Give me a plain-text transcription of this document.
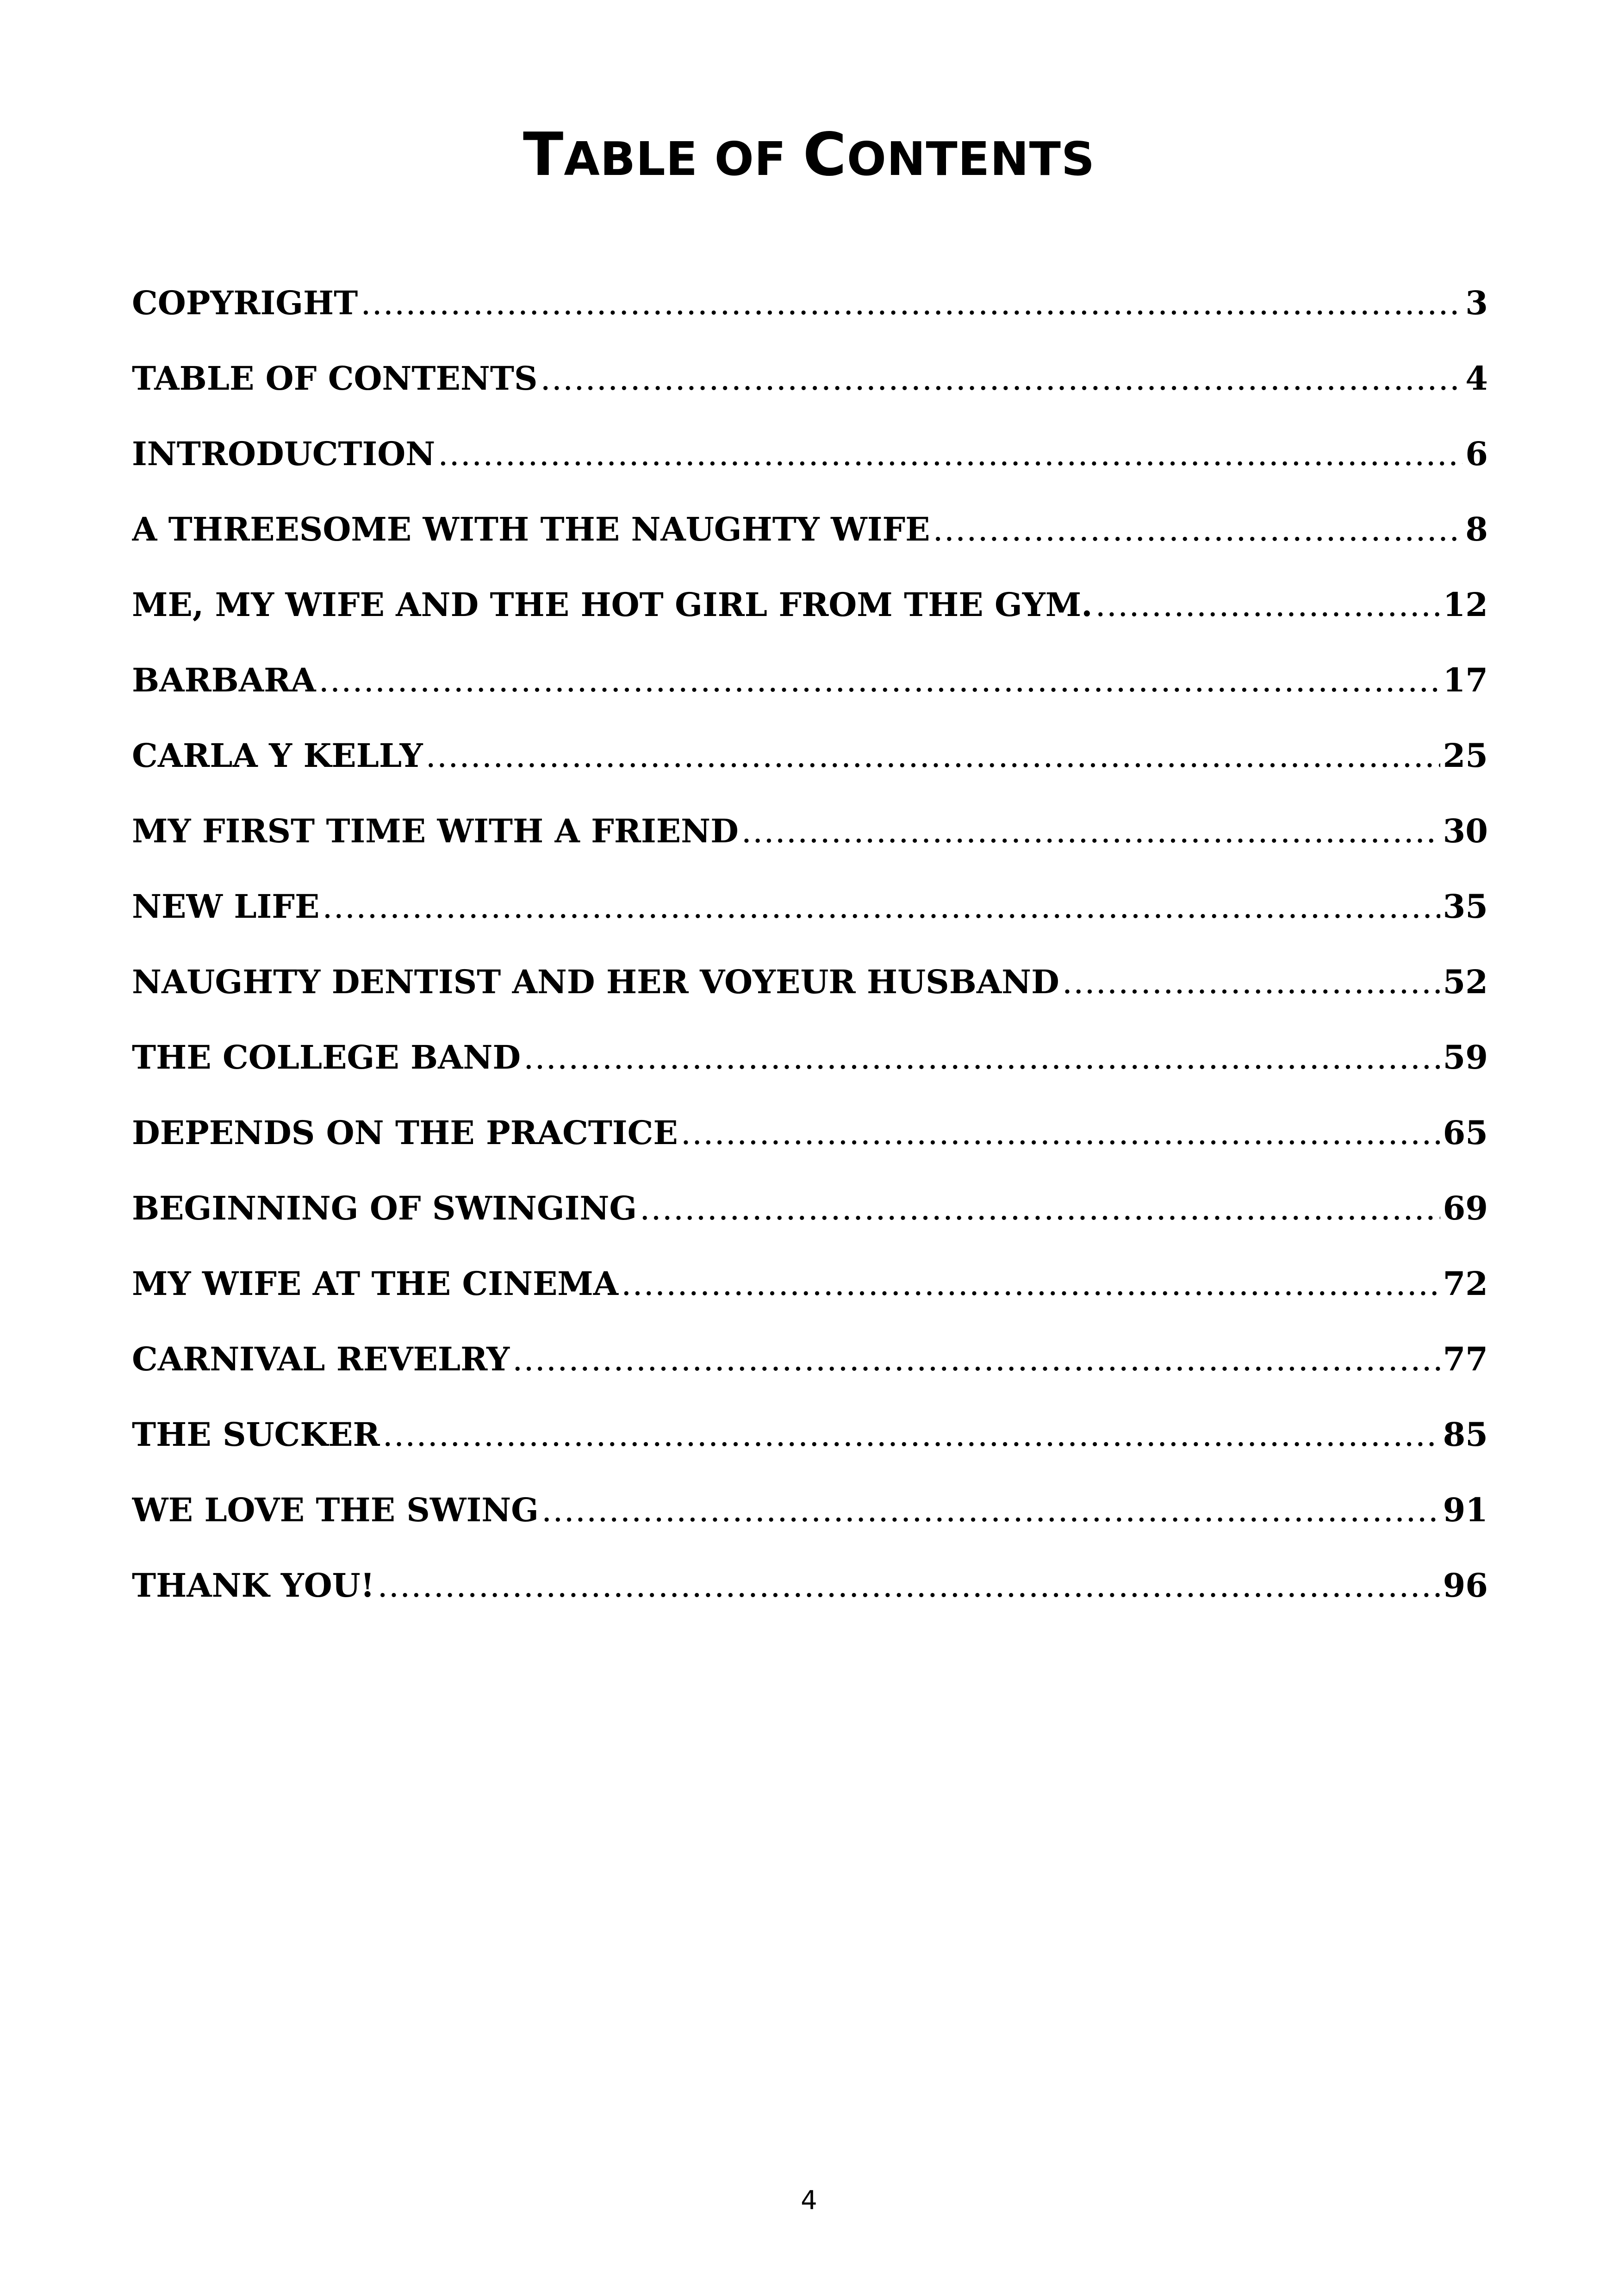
TABLE OF CONTENTS
COPYRIGHT .....	3
TABLE OF CONTENTS .....	4
INTRODUCTION .....	6
A THREESOME WITH THE NAUGHTY WIFE .....	8
ME, MY WIFE AND THE HOT GIRL FROM THE GYM. .....	12
BARBARA .....	17
CARLA Y KELLY .....	25
MY FIRST TIME WITH A FRIEND .....	30
NEW LIFE .....	35
NAUGHTY DENTIST AND HER VOYEUR HUSBAND .....	52
THE COLLEGE BAND .....	59
DEPENDS ON THE PRACTICE .....	65
BEGINNING OF SWINGING .....	69
MY WIFE AT THE CINEMA .....	72
CARNIVAL REVELRY .....	77
THE SUCKER .....	85
WE LOVE THE SWING .....	91
THANK YOU! .....	96
4
